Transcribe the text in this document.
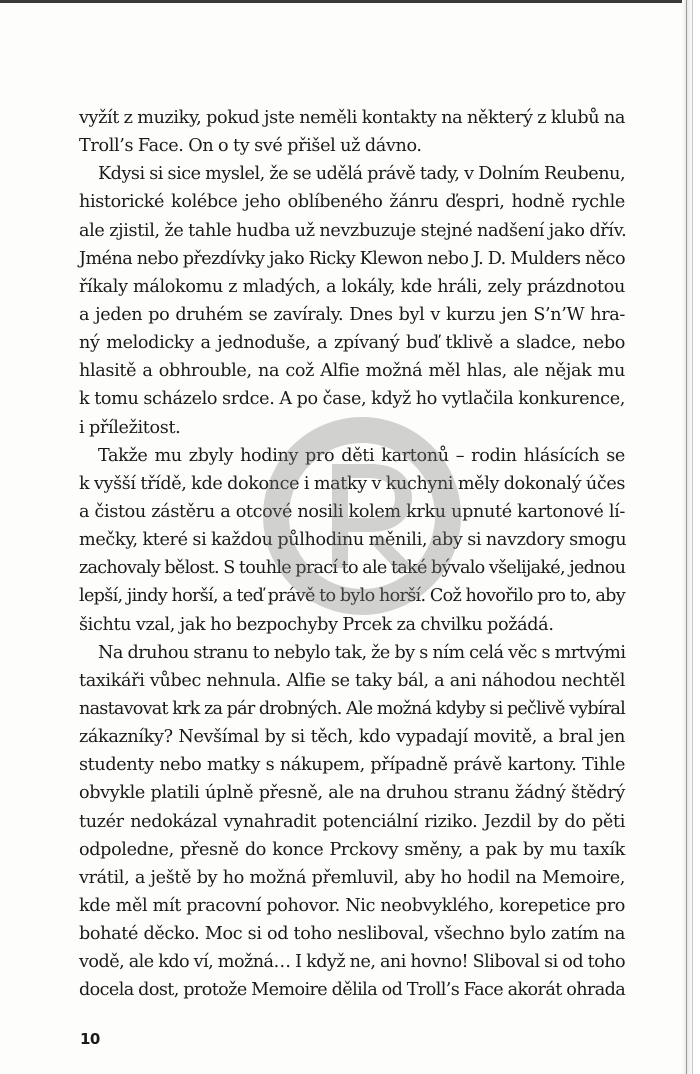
vyžít z muziky, pokud jste neměli kontakty na některý z klubů na
Troll’s Face. On o ty své přišel už dávno.
Kdysi si sice myslel, že se udělá právě tady, v Dolním Reubenu,
historické kolébce jeho oblíbeného žánru ďespri, hodně rychle
ale zjistil, že tahle hudba už nevzbuzuje stejné nadšení jako dřív.
Jména nebo přezdívky jako Ricky Klewon nebo J. D. Mulders něco
říkaly málokomu z mladých, a lokály, kde hráli, zely prázdnotou
a jeden po druhém se zavíraly. Dnes byl v kurzu jen S’n’W hra-
ný melodicky a jednoduše, a zpívaný buď tklivě a sladce, nebo
hlasitě a obhrouble, na což Alfie možná měl hlas, ale nějak mu
k tomu scházelo srdce. A po čase, když ho vytlačila konkurence,
i příležitost.
Takže mu zbyly hodiny pro děti kartonů – rodin hlásících se
k vyšší třídě, kde dokonce i matky v kuchyni měly dokonalý účes
a čistou zástěru a otcové nosili kolem krku upnuté kartonové lí-
mečky, které si každou půlhodinu měnili, aby si navzdory smogu
zachovaly bělost. S touhle prací to ale také bývalo všelijaké, jednou
lepší, jindy horší, a teď právě to bylo horší. Což hovořilo pro to, aby
šichtu vzal, jak ho bezpochyby Prcek za chvilku požádá.
Na druhou stranu to nebylo tak, že by s ním celá věc s mrtvými
taxikáři vůbec nehnula. Alfie se taky bál, a ani náhodou nechtěl
nastavovat krk za pár drobných. Ale možná kdyby si pečlivě vybíral
zákazníky? Nevšímal by si těch, kdo vypadají movitě, a bral jen
studenty nebo matky s nákupem, případně právě kartony. Tihle
obvykle platili úplně přesně, ale na druhou stranu žádný štědrý
tuzér nedokázal vynahradit potenciální riziko. Jezdil by do pěti
odpoledne, přesně do konce Prckovy směny, a pak by mu taxík
vrátil, a ještě by ho možná přemluvil, aby ho hodil na Memoire,
kde měl mít pracovní pohovor. Nic neobvyklého, korepetice pro
bohaté děcko. Moc si od toho nesliboval, všechno bylo zatím na
vodě, ale kdo ví, možná… I když ne, ani hovno! Sliboval si od toho
docela dost, protože Memoire dělila od Troll’s Face akorát ohrada
10
